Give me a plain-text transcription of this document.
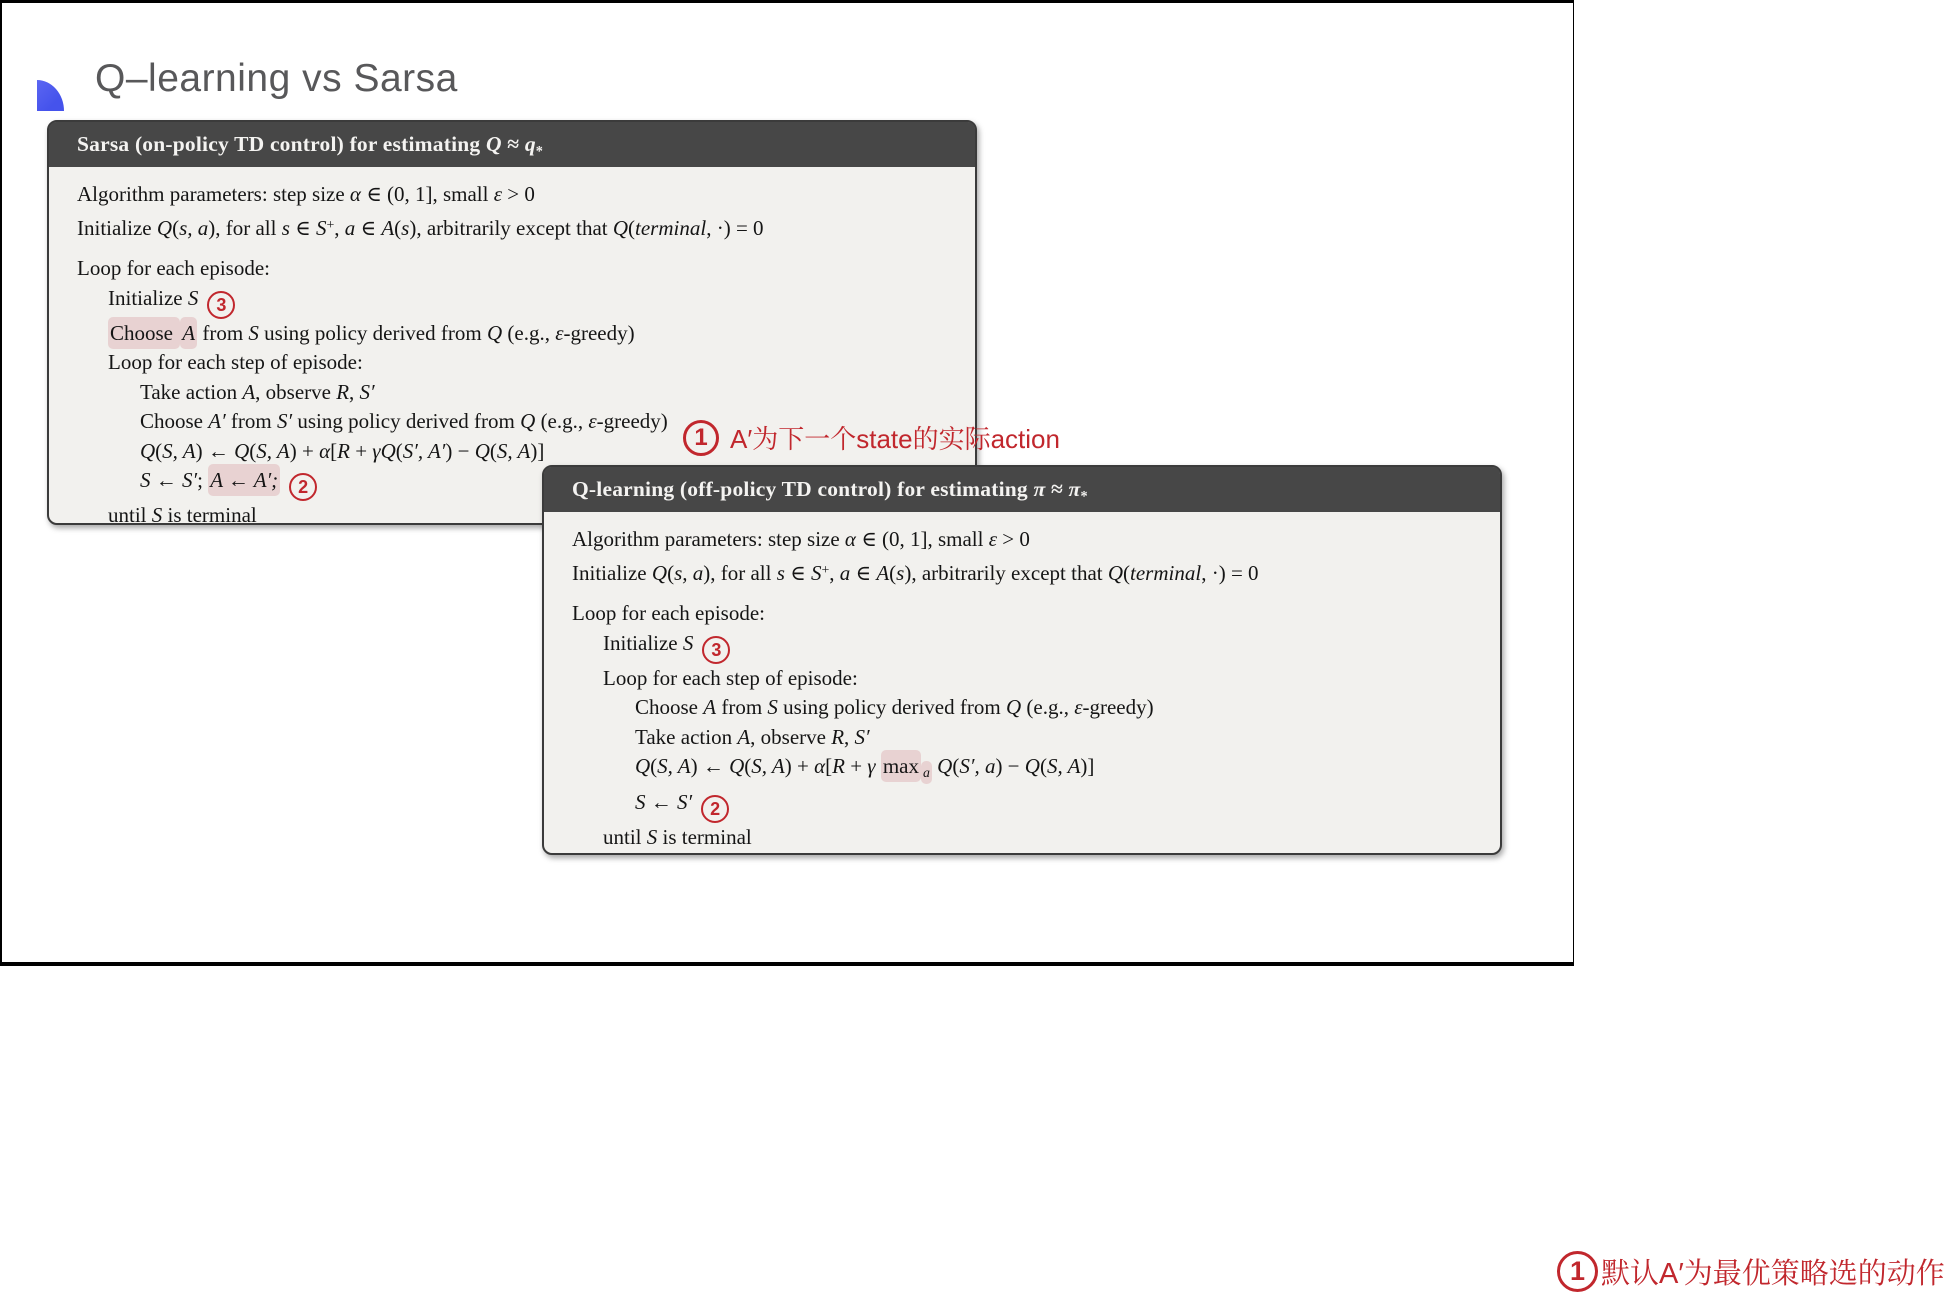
Q–learning vs Sarsa
Sarsa (on-policy TD control) for estimating Q ≈ q*
Algorithm parameters: step size α ∈ (0, 1], small ε > 0
Initialize Q(s, a), for all s ∈ S+, a ∈ A(s), arbitrarily except that Q(terminal, ·) = 0
Loop for each episode:
Initialize S 3
Choose A from S using policy derived from Q (e.g., ε-greedy)
Loop for each step of episode:
Take action A, observe R, S′
Choose A′ from S′ using policy derived from Q (e.g., ε-greedy)
Q(S, A) ← Q(S, A) + α[R + γQ(S′, A′) − Q(S, A)]
S ← S′; A ← A′; 2
until S is terminal
Q-learning (off-policy TD control) for estimating π ≈ π*
Algorithm parameters: step size α ∈ (0, 1], small ε > 0
Initialize Q(s, a), for all s ∈ S+, a ∈ A(s), arbitrarily except that Q(terminal, ·) = 0
Loop for each episode:
Initialize S 3
Loop for each step of episode:
Choose A from S using policy derived from Q (e.g., ε-greedy)
Take action A, observe R, S′
Q(S, A) ← Q(S, A) + α[R + γ max a Q(S′, a) − Q(S, A)]
S ← S′ 2
until S is terminal
1 默认A′为最优策略选的动作
1 A′为下一个state的实际action
